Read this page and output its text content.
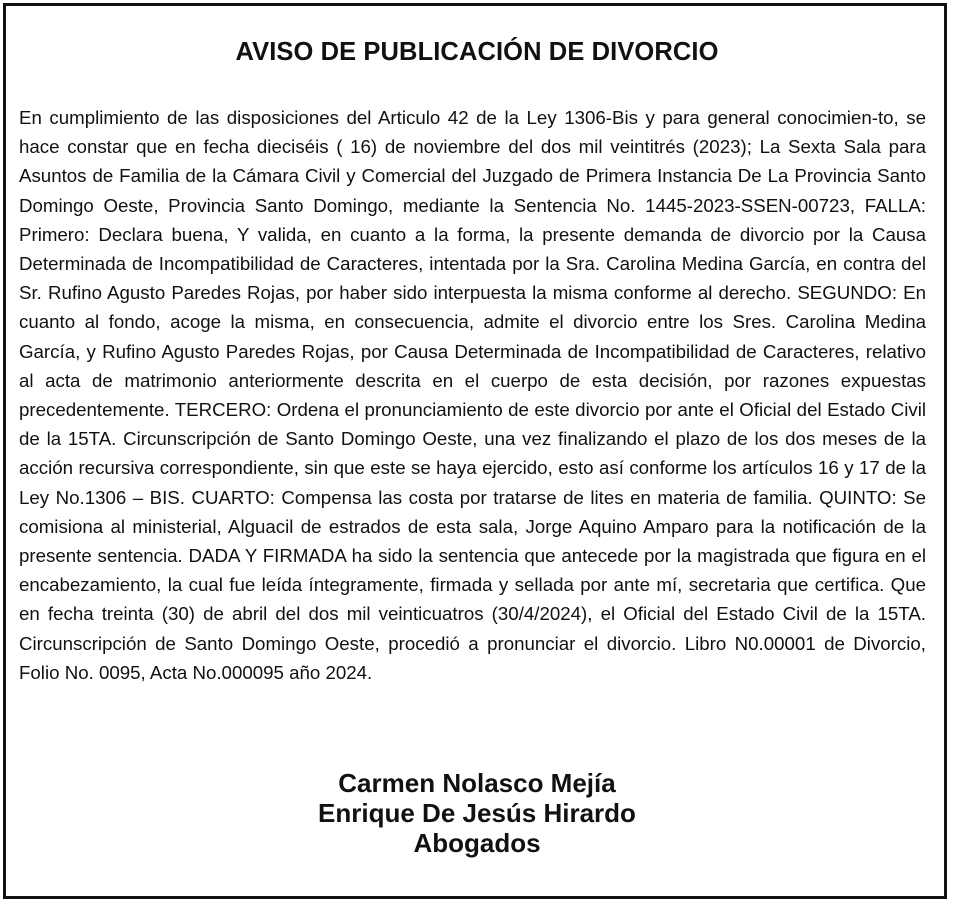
AVISO DE PUBLICACIÓN DE DIVORCIO

En cumplimiento de las disposiciones del Articulo 42 de la Ley 1306-Bis y para general conocimien-to, se hace constar que en fecha dieciséis ( 16) de noviembre del dos mil veintitrés (2023); La Sexta Sala para Asuntos de Familia de la Cámara Civil y Comercial del Juzgado de Primera Instancia De La Provincia Santo Domingo Oeste, Provincia Santo Domingo, mediante la Sentencia No. 1445-2023-SSEN-00723, FALLA: Primero: Declara buena, Y valida, en cuanto a la forma, la presente demanda de divorcio por la Causa Determinada de Incompatibilidad de Caracteres, intentada por la Sra. Carolina Medina García, en contra del Sr. Rufino Agusto Paredes Rojas, por haber sido interpuesta la misma conforme al derecho. SEGUNDO: En cuanto al fondo, acoge la misma, en consecuencia, admite el divorcio entre los Sres. Carolina Medina García, y Rufino Agusto Paredes Rojas, por Causa Determinada de Incompatibilidad de Caracteres, relativo al acta de matrimonio anteriormente descrita en el cuerpo de esta decisión, por razones expuestas precedentemente. TERCERO: Ordena el pronunciamiento de este divorcio por ante el Oficial del Estado Civil de la 15TA. Circunscripción de Santo Domingo Oeste, una vez finalizando el plazo de los dos meses de la acción recursiva correspondiente, sin que este se haya ejercido, esto así conforme los artículos 16 y 17 de la Ley No.1306 – BIS. CUARTO: Compensa las costa por tratarse de lites en materia de familia. QUINTO: Se comisiona al ministerial, Alguacil de estrados de esta sala, Jorge Aquino Amparo para la notificación de la presente sentencia. DADA Y FIRMADA ha sido la sentencia que antecede por la magistrada que figura en el encabezamiento, la cual fue leída íntegramente, firmada y sellada por ante mí, secretaria que certifica. Que en fecha treinta (30) de abril del dos mil veinticuatros (30/4/2024), el Oficial del Estado Civil de la 15TA. Circunscripción de Santo Domingo Oeste, procedió a pronunciar el divorcio. Libro N0.00001 de Divorcio, Folio No. 0095, Acta No.000095 año 2024.

Carmen Nolasco Mejía
Enrique De Jesús Hirardo
Abogados
